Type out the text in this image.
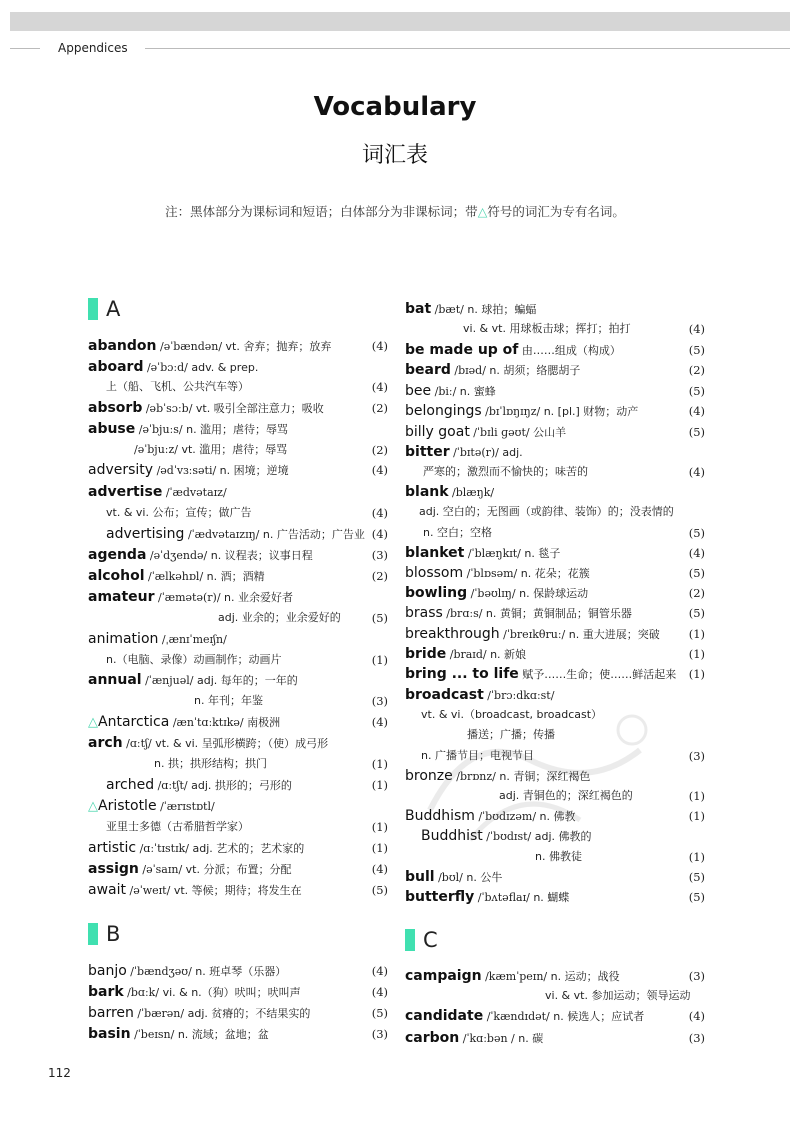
Appendices
Vocabulary
词汇表
注：黑体部分为课标词和短语；白体部分为非课标词；带△符号的词汇为专有名词。
A
B
abandon /əˈbændən/ vt. 舍弃；抛弃；放弃	(4)
aboard /əˈbɔːd/ adv. & prep.
上（船、飞机、公共汽车等）	(4)
absorb /əbˈsɔːb/ vt. 吸引全部注意力；吸收	(2)
abuse /əˈbjuːs/ n. 滥用；虐待；辱骂
/əˈbjuːz/ vt. 滥用；虐待；辱骂	(2)
adversity /ədˈvɜːsəti/ n. 困境；逆境	(4)
advertise /ˈædvətaɪz/
vt. & vi. 公布；宣传；做广告	(4)
advertising /ˈædvətaɪzɪŋ/ n. 广告活动；广告业 (4)
agenda /əˈdʒendə/ n. 议程表；议事日程	(3)
alcohol /ˈælkəhɒl/ n. 酒；酒精	(2)
amateur /ˈæmətə(r)/ n. 业余爱好者
adj. 业余的；业余爱好的	(5)
animation /ˌænɪˈmeɪʃn/
n.（电脑、录像）动画制作；动画片	(1)
annual /ˈænjuəl/ adj. 每年的；一年的
n. 年刊；年鉴	(3)
△Antarctica /ænˈtɑːktɪkə/ 南极洲	(4)
arch /ɑːtʃ/ vt. & vi. 呈弧形横跨；（使）成弓形
n. 拱；拱形结构；拱门	(1)
arched /ɑːtʃt/ adj. 拱形的；弓形的	(1)
△Aristotle /ˈærɪstɒtl/
亚里士多德（古希腊哲学家）	(1)
artistic /ɑːˈtɪstɪk/ adj. 艺术的；艺术家的	(1)
assign /əˈsaɪn/ vt. 分派；布置；分配	(4)
await /əˈweɪt/ vt. 等候；期待；将发生在	(5)
banjo /ˈbændʒəʊ/ n. 班卓琴（乐器）	(4)
bark /bɑːk/ vi. & n.（狗）吠叫；吠叫声	(4)
barren /ˈbærən/ adj. 贫瘠的；不结果实的	(5)
basin /ˈbeɪsn/ n. 流域；盆地；盆	(3)
C
bat /bæt/ n. 球拍；蝙蝠
vi. & vt. 用球板击球；挥打；拍打	(4)
be made up of 由……组成（构成）	(5)
beard /bɪəd/ n. 胡须；络腮胡子	(2)
bee /biː/ n. 蜜蜂	(5)
belongings /bɪˈlɒŋɪŋz/ n. [pl.] 财物；动产	(4)
billy goat /ˈbɪli ɡəʊt/ 公山羊	(5)
bitter /ˈbɪtə(r)/ adj.
严寒的；激烈而不愉快的；味苦的	(4)
blank /blæŋk/
adj. 空白的；无图画（或韵律、装饰）的；没表情的
n. 空白；空格	(5)
blanket /ˈblæŋkɪt/ n. 毯子	(4)
blossom /ˈblɒsəm/ n. 花朵；花簇	(5)
bowling /ˈbəʊlɪŋ/ n. 保龄球运动	(2)
brass /brɑːs/ n. 黄铜；黄铜制品；铜管乐器	(5)
breakthrough /ˈbreɪkθruː/ n. 重大进展；突破	(1)
bride /braɪd/ n. 新娘	(1)
bring ... to life 赋予……生命；使……鲜活起来 (1)
broadcast /ˈbrɔːdkɑːst/
vt. & vi.（broadcast, broadcast）
播送；广播；传播
n. 广播节目；电视节目	(3)
bronze /brɒnz/ n. 青铜；深红褐色
adj. 青铜色的；深红褐色的	(1)
Buddhism /ˈbʊdɪzəm/ n. 佛教	(1)
Buddhist /ˈbʊdɪst/ adj. 佛教的
n. 佛教徒	(1)
bull /bʊl/ n. 公牛	(5)
butterfly /ˈbʌtəflaɪ/ n. 蝴蝶	(5)
campaign /kæmˈpeɪn/ n. 运动；战役	(3)
vi. & vt. 参加运动；领导运动
candidate /ˈkændɪdət/ n. 候选人；应试者	(4)
carbon /ˈkɑːbən / n. 碳	(3)
112
